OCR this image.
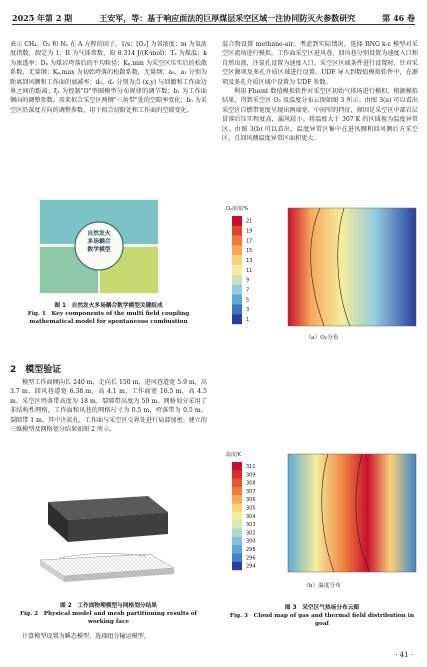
2025 年第 2 期	王安军，等：基于响应面法的巨厚煤层采空区域一注协同防灭火参数研究	第 46 卷

表示 CH₄、O₂ 和 N₂ 在 A 方程的因子，1/s；[O₂] 为氧浓度；m 为氧浓度指数，假定为 1；R 为气体常数，取 8.314 J/(K·mol)；Tₛ 为煤温；k 为渗透率；Dₚ 为煤岩垮落后的平均粒径；Kₚ,min 为采空区压实后的松散系数，无量纲；Kₚ,max 为初始垮落的松散系数，无量纲；a₀、a₁ 分别为距离回风侧和工作面的衰减率；d₀、d₁ 分别为点 (x,y) 与回撤和工作面边界之间的距离；ξ₁ 为控制"O"型圈模型分布规律的调节数；b₁ 为工作面倾向的调整参数，用来拟合采空区两侧"三角带"处的空隙率变化；b₀ 为采空区沿深度方向的调整参数，用于拟合切眼处和工作面的空隙变化。

自然发火
多场耦合
数学模型
图 1　自然发火多场耦合数学模型关键组成
Fig. 1　Key components of the multi field coupling mathematical model for spontaneous combustion
2　模型验证

模型工作面倾向长 240 m，走向长 150 m，进风巷道宽 5.9 m，高 3.7 m，回风巷道宽 6.38 m，高 4.1 m；工作面宽 10.5 m，高 4.5 m。采空区垮落带高度为 18 m，裂隙带高度为 50 m。网格划分采用了非结构性网格，工作面和风巷的网格尺寸为 0.5 m，垮落带为 0.5 m，裂隙带 1 m。其中注氮孔、工作面与采空区交界处进行局部加密。建立的三维模型及网格划分结果如图 2 所示。

图 2　工作面物理模型与网格划分结果
Fig. 2　Physical model and mesh partitioning results of working face

计算模型设置为瞬态模型，选择组分输运模型，

混合物设置 methane-air。考虑到实际情况，选择 RNG k-ε 模型对采空区流场进行模拟。工作面采空区进风巷、回风巷分别设置为速度入口和自然出流，注氮孔设置为速度入口。采空区区域条件进行设置时，针对采空区源项及多孔介质区域进行设置。UDF 导入到数值模拟软件中，在源项及多孔介质区域中设置为 UDF 参数。

利用 Fluent 数值模拟软件对采空区初始气体场进行模拟，根据模拟结果，得到采空区 O₂ 及温度分布云图如图 3 所示。由图 3(a) 可以看出采空区自燃带宽度呈现出两端宽、中间窄的特征，原因是采空区中部岩层冒落后压实程度高，漏风较小。将温度大于 307 K 的区域视为温度异常区。由图 3(b) 可以看出，温度异常区集中在进风侧和回风侧后方采空区，且回风侧温度异常区面积更大。

O₂浓度/%
21
19
17
15
13
11
9
7
5
3
1
（a）O₂分布
温度/K
311
309
308
307
306
305
304
303
302
300
298
296
294
（b）温度分布
图 3　采空区气热场分布云图
Fig. 3　Cloud map of gas and thermal field distribution in goaf
· 41 ·
